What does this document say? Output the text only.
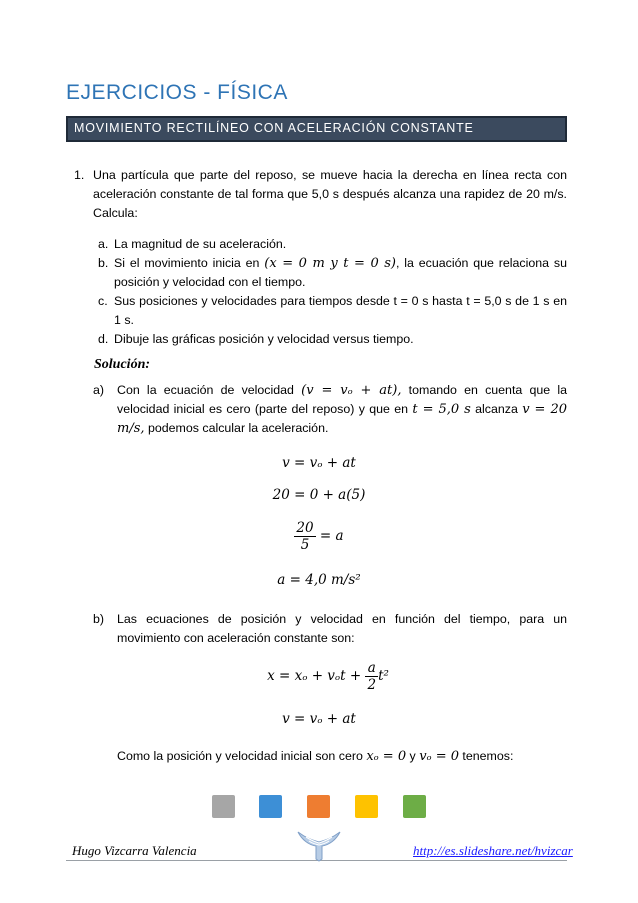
EJERCICIOS - FÍSICA
MOVIMIENTO RECTILÍNEO CON ACELERACIÓN CONSTANTE
1. Una partícula que parte del reposo, se mueve hacia la derecha en línea recta con aceleración constante de tal forma que 5,0 s después alcanza una rapidez de 20 m/s. Calcula:
a. La magnitud de su aceleración.
b. Si el movimiento inicia en (x = 0 m y t = 0 s), la ecuación que relaciona su posición y velocidad con el tiempo.
c. Sus posiciones y velocidades para tiempos desde t = 0 s hasta t = 5,0 s de 1 s en 1 s.
d. Dibuje las gráficas posición y velocidad versus tiempo.
Solución:
a) Con la ecuación de velocidad (v = vₒ + at), tomando en cuenta que la velocidad inicial es cero (parte del reposo) y que en t = 5,0 s alcanza v = 20 m/s, podemos calcular la aceleración.
v = vₒ + at
20 = 0 + a(5)
$\frac{20}{5} = a$
a = 4,0 m/s²
b) Las ecuaciones de posición y velocidad en función del tiempo, para un movimiento con aceleración constante son:
$x = x_o + v_ot + \frac{a}{2} t^2$
v = vₒ + at
Como la posición y velocidad inicial son cero xₒ = 0 y vₒ = 0 tenemos:
Hugo Vizcarra Valencia	http://es.slideshare.net/hvizcar
